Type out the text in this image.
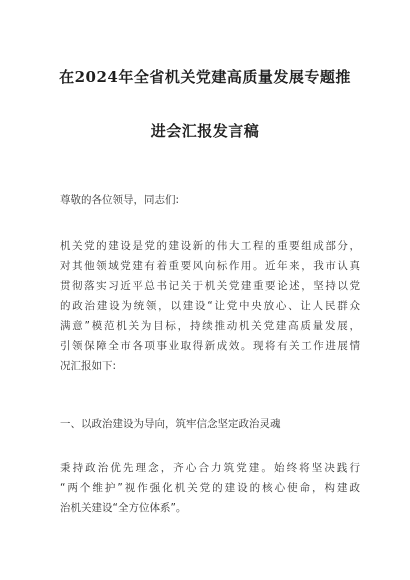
在2024年全省机关党建高质量发展专题推
进会汇报发言稿
尊敬的各位领导，同志们:
机关党的建设是党的建设新的伟大工程的重要组成部分，
对其他领域党建有着重要风向标作用。近年来，我市认真
贯彻落实习近平总书记关于机关党建重要论述，坚持以党
的政治建设为统领，以建设“让党中央放心、让人民群众
满意”模范机关为目标，持续推动机关党建高质量发展，
引领保障全市各项事业取得新成效。现将有关工作进展情
况汇报如下:
一、以政治建设为导向，筑牢信念坚定政治灵魂
秉持政治优先理念，齐心合力筑党建。始终将坚决践行
“两个维护”视作强化机关党的建设的核心使命，构建政
治机关建设“全方位体系”。
